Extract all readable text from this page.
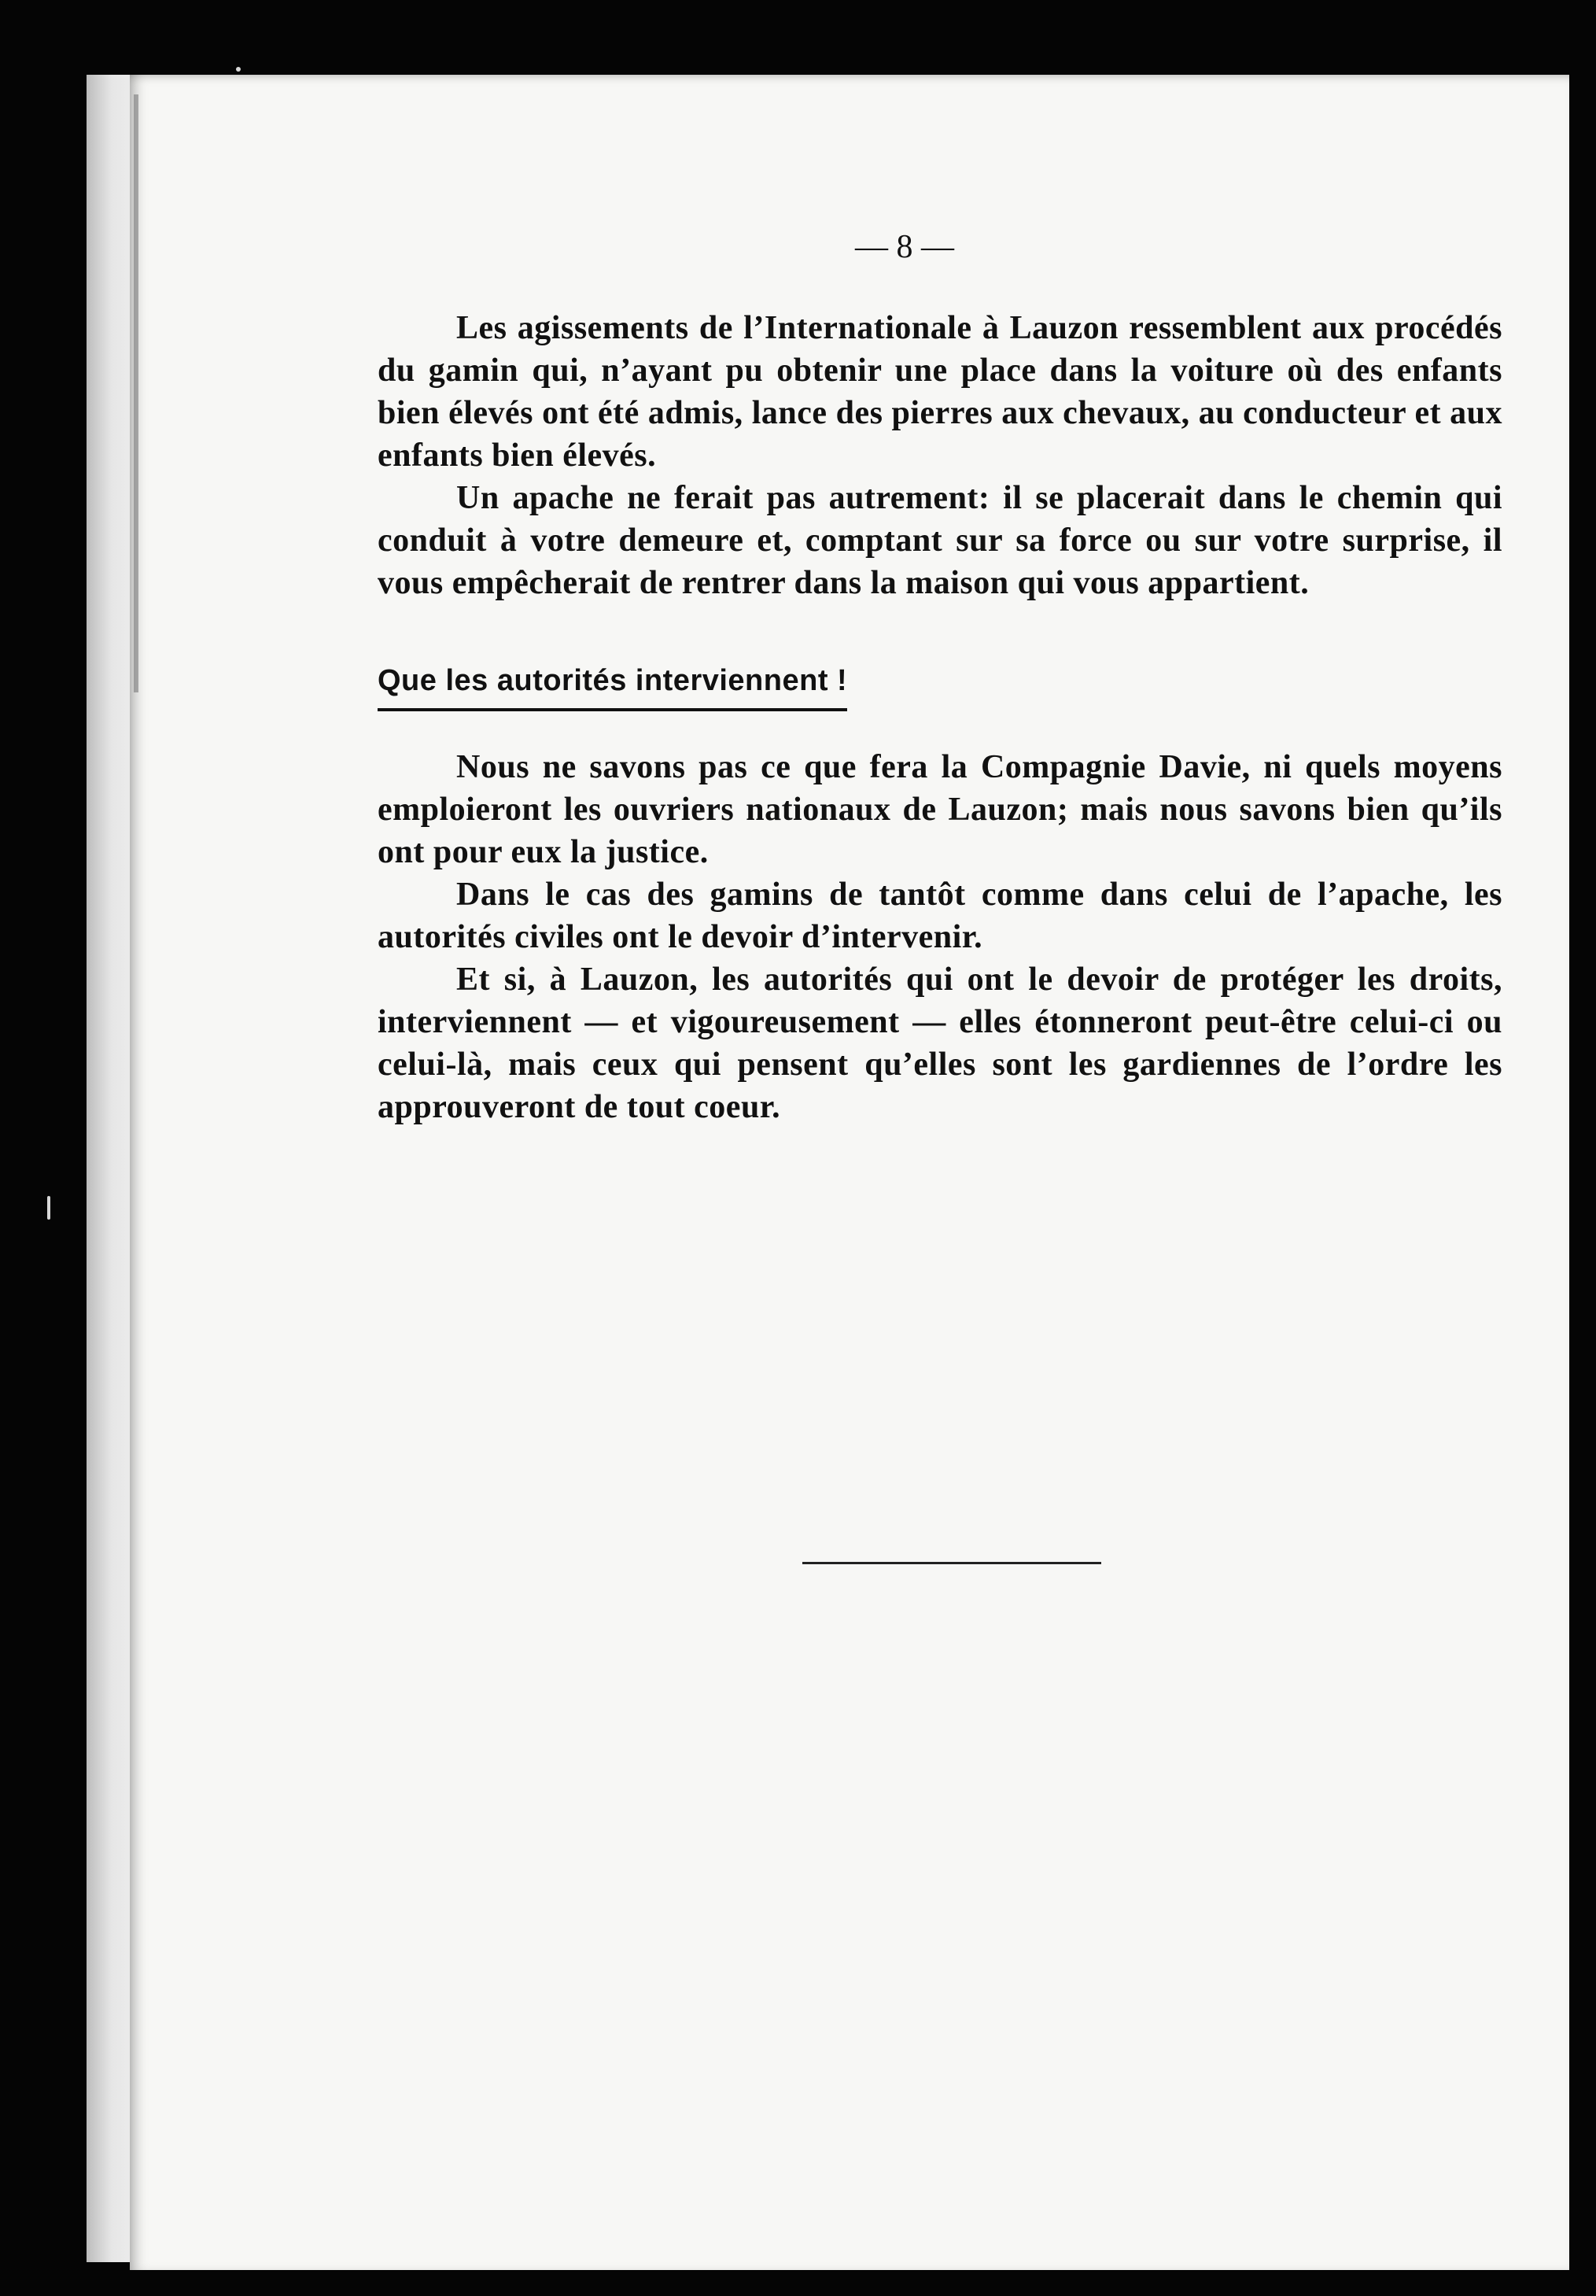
— 8 —

Les agissements de l’Internationale à Lauzon ressemblent aux procédés du gamin qui, n’ayant pu obtenir une place dans la voiture où des enfants bien élevés ont été admis, lance des pierres aux chevaux, au conducteur et aux enfants bien élevés.

Un apache ne ferait pas autrement: il se placerait dans le chemin qui conduit à votre demeure et, comptant sur sa force ou sur votre surprise, il vous empêcherait de rentrer dans la maison qui vous appartient.

Que les autorités interviennent !

Nous ne savons pas ce que fera la Compagnie Davie, ni quels moyens emploieront les ouvriers nationaux de Lauzon; mais nous savons bien qu’ils ont pour eux la justice.

Dans le cas des gamins de tantôt comme dans celui de l’apache, les autorités civiles ont le devoir d’intervenir.

Et si, à Lauzon, les autorités qui ont le devoir de protéger les droits, interviennent — et vigoureusement — elles étonneront peut-être celui-ci ou celui-là, mais ceux qui pensent qu’elles sont les gardiennes de l’ordre les approuveront de tout coeur.
